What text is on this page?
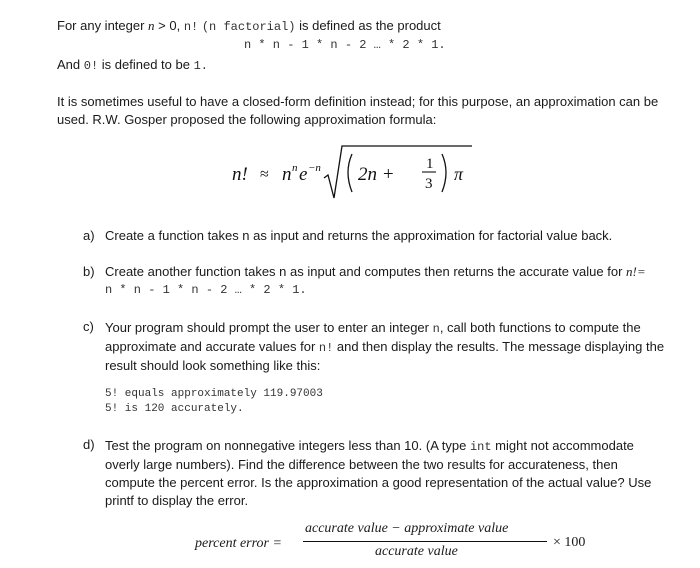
For any integer n > 0, n! (n factorial) is defined as the product
n * n - 1 * n - 2 … * 2 * 1.
And 0! is defined to be 1.
It is sometimes useful to have a closed-form definition instead; for this purpose, an approximation can be
used. R.W. Gosper proposed the following approximation formula:
n! ≈ n n e −n 2n + 1
3 π
a) Create a function takes n as input and returns the approximation for factorial value back.
b) Create another function takes n as input and computes then returns the accurate value for n!=
n * n - 1 * n - 2 … * 2 * 1.
c) Your program should prompt the user to enter an integer n, call both functions to compute the
approximate and accurate values for n! and then display the results. The message displaying the
result should look something like this:
5! equals approximately 119.97003
5! is 120 accurately.
d) Test the program on nonnegative integers less than 10. (A type int might not accommodate
overly large numbers). Find the difference between the two results for accurateness, then
compute the percent error. Is the approximation a good representation of the actual value? Use
printf to display the error.
percent error =
accurate value − approximate value
accurate value
× 100
